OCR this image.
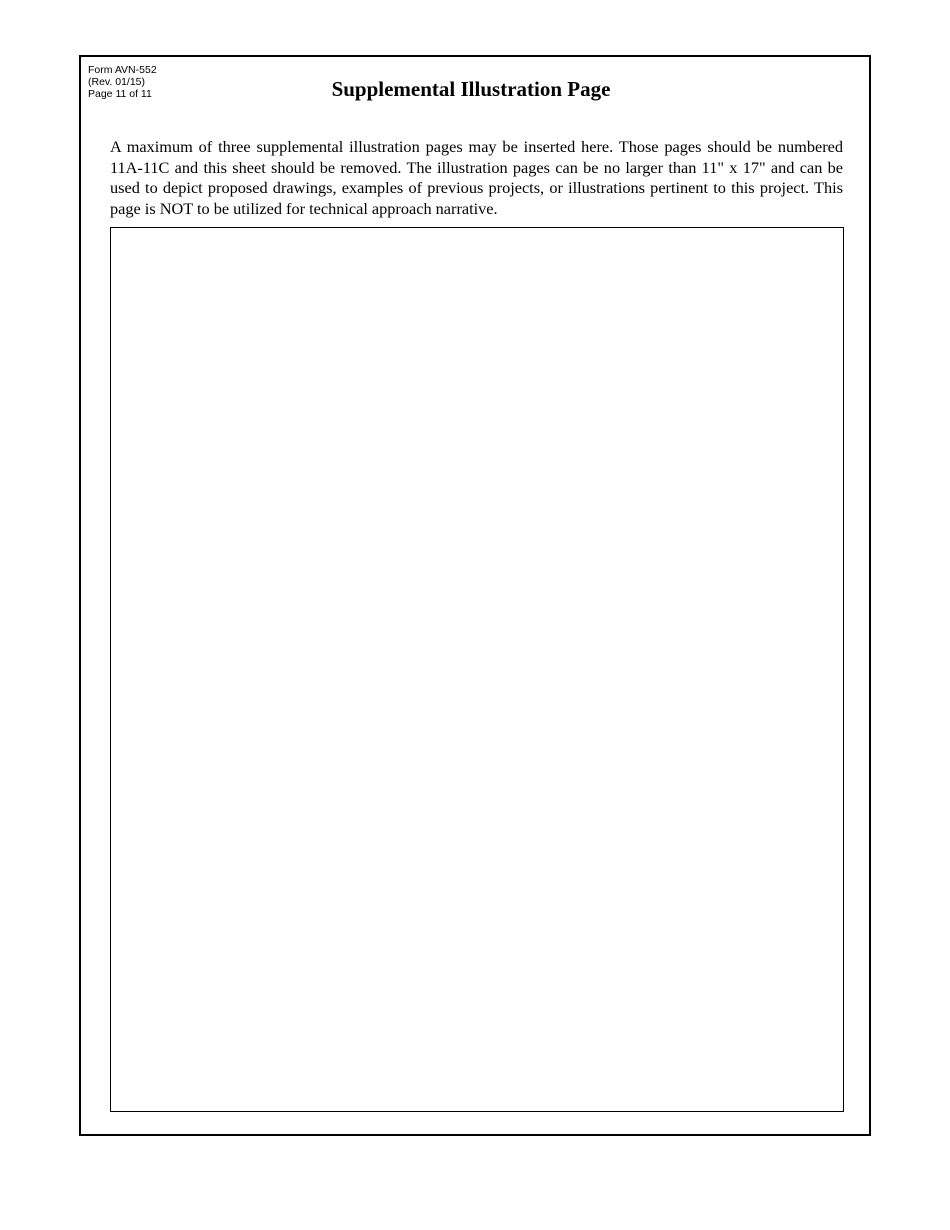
Form AVN-552
(Rev. 01/15)
Page 11 of 11	Supplemental Illustration Page

A maximum of three supplemental illustration pages may be inserted here. Those pages should be numbered 11A-11C and this sheet should be removed. The illustration pages can be no larger than 11" x 17" and can be used to depict proposed drawings, examples of previous projects, or illustrations pertinent to this project. This page is NOT to be utilized for technical approach narrative.
